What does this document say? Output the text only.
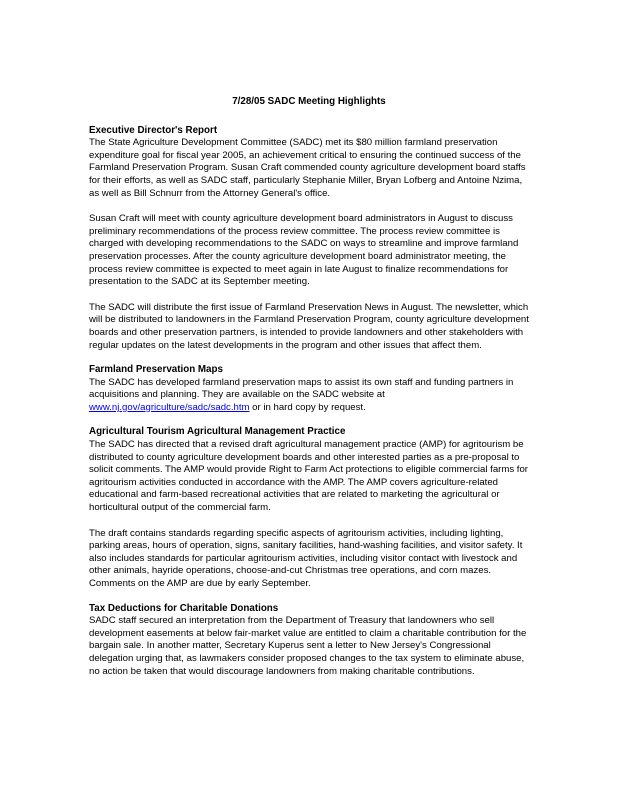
7/28/05 SADC Meeting Highlights
Executive Director's Report

The State Agriculture Development Committee (SADC) met its $80 million farmland preservation expenditure goal for fiscal year 2005, an achievement critical to ensuring the continued success of the Farmland Preservation Program. Susan Craft commended county agriculture development board staffs for their efforts, as well as SADC staff, particularly Stephanie Miller, Bryan Lofberg and Antoine Nzima, as well as Bill Schnurr from the Attorney General's office.

Susan Craft will meet with county agriculture development board administrators in August to discuss preliminary recommendations of the process review committee. The process review committee is charged with developing recommendations to the SADC on ways to streamline and improve farmland preservation processes. After the county agriculture development board administrator meeting, the process review committee is expected to meet again in late August to finalize recommendations for presentation to the SADC at its September meeting.

The SADC will distribute the first issue of Farmland Preservation News in August. The newsletter, which will be distributed to landowners in the Farmland Preservation Program, county agriculture development boards and other preservation partners, is intended to provide landowners and other stakeholders with regular updates on the latest developments in the program and other issues that affect them.

Farmland Preservation Maps

The SADC has developed farmland preservation maps to assist its own staff and funding partners in acquisitions and planning. They are available on the SADC website at www.nj.gov/agriculture/sadc/sadc.htm or in hard copy by request.

Agricultural Tourism Agricultural Management Practice

The SADC has directed that a revised draft agricultural management practice (AMP) for agritourism be distributed to county agriculture development boards and other interested parties as a pre-proposal to solicit comments. The AMP would provide Right to Farm Act protections to eligible commercial farms for agritourism activities conducted in accordance with the AMP. The AMP covers agriculture-related educational and farm-based recreational activities that are related to marketing the agricultural or horticultural output of the commercial farm.

The draft contains standards regarding specific aspects of agritourism activities, including lighting, parking areas, hours of operation, signs, sanitary facilities, hand-washing facilities, and visitor safety. It also includes standards for particular agritourism activities, including visitor contact with livestock and other animals, hayride operations, choose-and-cut Christmas tree operations, and corn mazes. Comments on the AMP are due by early September.

Tax Deductions for Charitable Donations

SADC staff secured an interpretation from the Department of Treasury that landowners who sell development easements at below fair-market value are entitled to claim a charitable contribution for the bargain sale. In another matter, Secretary Kuperus sent a letter to New Jersey's Congressional delegation urging that, as lawmakers consider proposed changes to the tax system to eliminate abuse, no action be taken that would discourage landowners from making charitable contributions.
